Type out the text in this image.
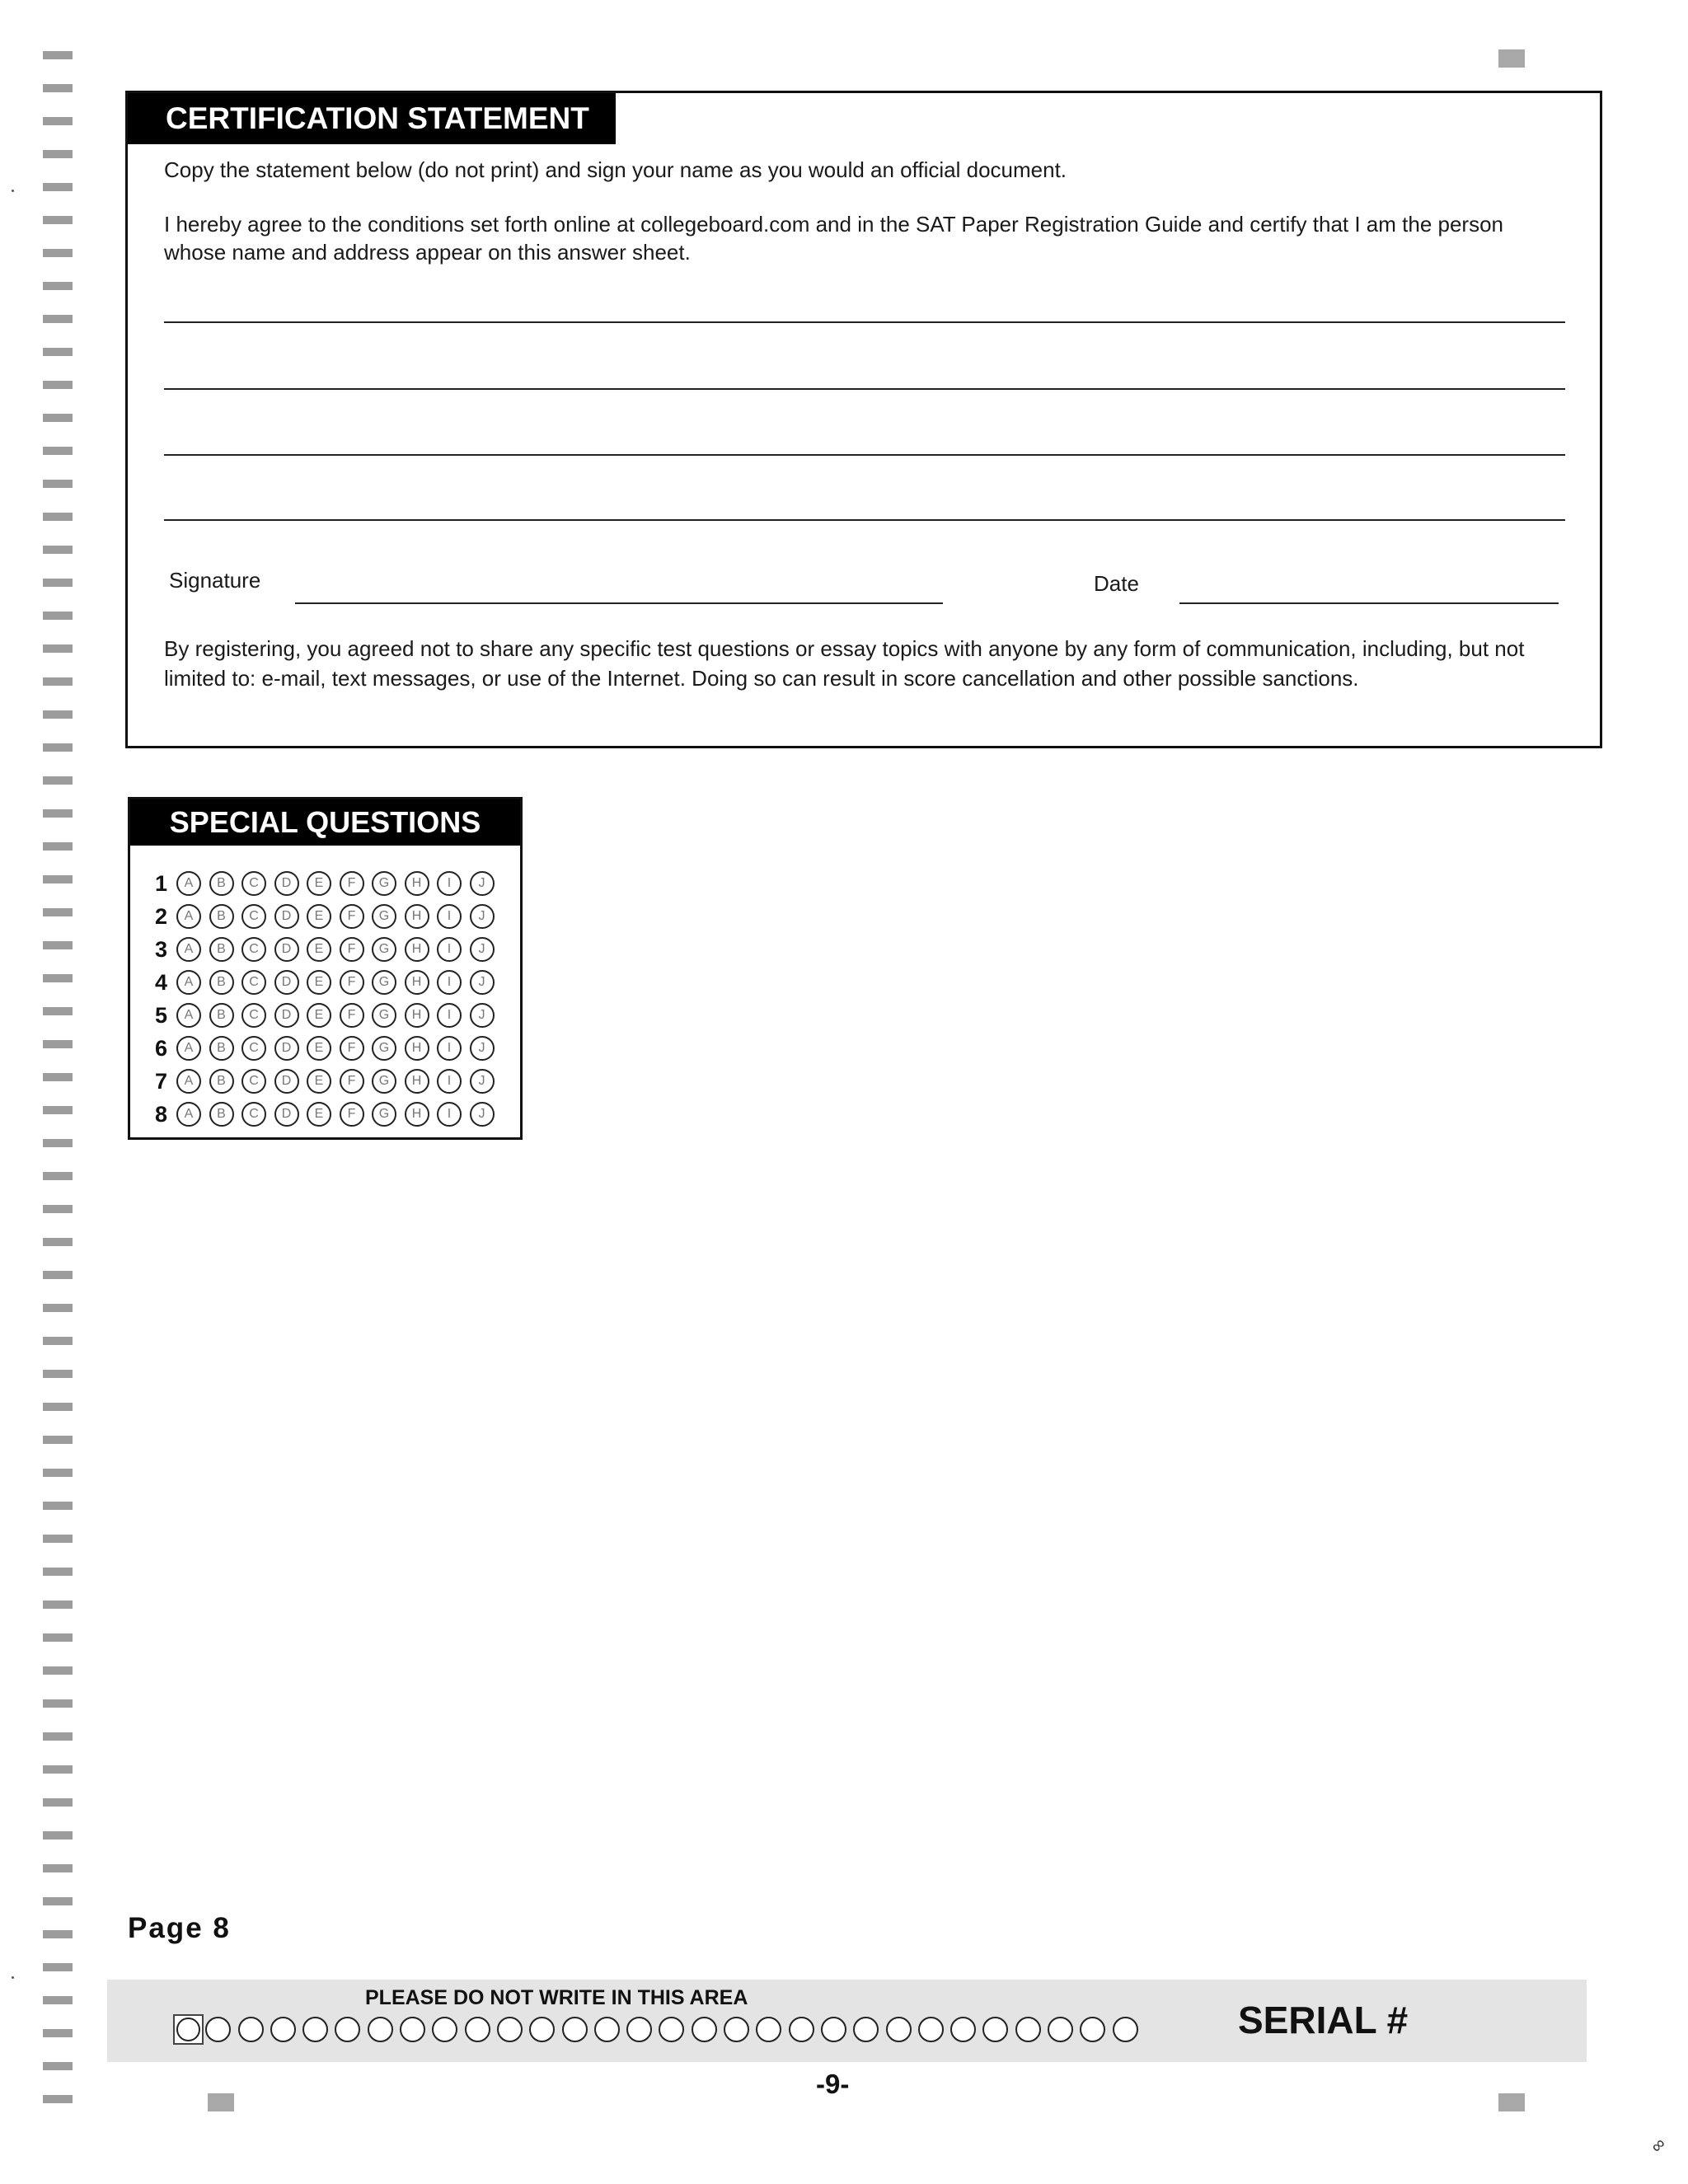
CERTIFICATION STATEMENT
Copy the statement below (do not print) and sign your name as you would an official document.
I hereby agree to the conditions set forth online at collegeboard.com and in the SAT Paper Registration Guide and certify that I am the person whose name and address appear on this answer sheet.
Signature	Date
By registering, you agreed not to share any specific test questions or essay topics with anyone by any form of communication, including, but not limited to: e-mail, text messages, or use of the Internet. Doing so can result in score cancellation and other possible sanctions.
SPECIAL QUESTIONS
1	A	B	C	D	E	F	G	H	I	J
2	A	B	C	D	E	F	G	H	I	J
3	A	B	C	D	E	F	G	H	I	J
4	A	B	C	D	E	F	G	H	I	J
5	A	B	C	D	E	F	G	H	I	J
6	A	B	C	D	E	F	G	H	I	J
7	A	B	C	D	E	F	G	H	I	J
8	A	B	C	D	E	F	G	H	I	J
Page 8
PLEASE DO NOT WRITE IN THIS AREA
SERIAL #
-9-
∞
